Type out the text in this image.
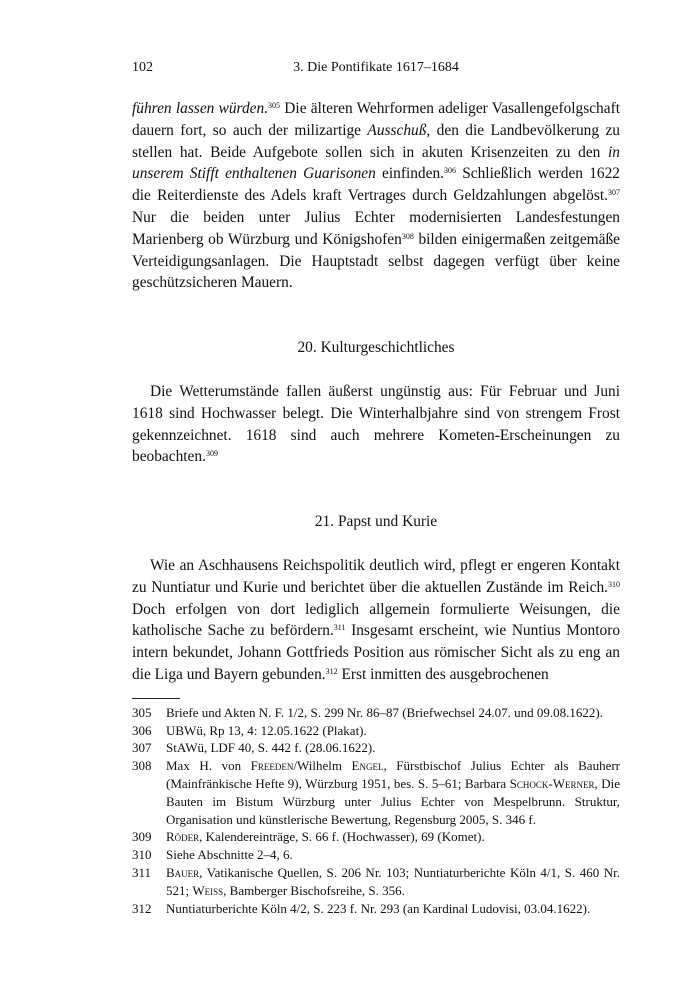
102	3. Die Pontifikate 1617–1684

führen lassen würden.$^{305}$ Die älteren Wehrformen adeliger Vasallengefolgschaft dauern fort, so auch der milizartige Ausschuß, den die Landbevölkerung zu stellen hat. Beide Aufgebote sollen sich in akuten Krisenzeiten zu den in unserem Stifft enthaltenen Guarisonen einfinden.$^{306}$ Schließlich werden 1622 die Reiterdienste des Adels kraft Vertrages durch Geldzahlungen abgelöst.$^{307}$ Nur die beiden unter Julius Echter modernisierten Landesfestungen Marienberg ob Würzburg und Königshofen$^{308}$ bilden einigermaßen zeitgemäße Verteidigungsanlagen. Die Hauptstadt selbst dagegen verfügt über keine geschützsicheren Mauern.

20. Kulturgeschichtliches

Die Wetterumstände fallen äußerst ungünstig aus: Für Februar und Juni 1618 sind Hochwasser belegt. Die Winterhalbjahre sind von strengem Frost gekennzeichnet. 1618 sind auch mehrere Kometen-Erscheinungen zu beobachten.$^{309}$

21. Papst und Kurie

Wie an Aschhausens Reichspolitik deutlich wird, pflegt er engeren Kontakt zu Nuntiatur und Kurie und berichtet über die aktuellen Zustände im Reich.$^{310}$ Doch erfolgen von dort lediglich allgemein formulierte Weisungen, die katholische Sache zu befördern.$^{311}$ Insgesamt erscheint, wie Nuntius Montoro intern bekundet, Johann Gottfrieds Position aus römischer Sicht als zu eng an die Liga und Bayern gebunden.$^{312}$ Erst inmitten des ausgebrochenen

305 Briefe und Akten N. F. 1/2, S. 299 Nr. 86–87 (Briefwechsel 24.07. und 09.08.1622).
306 UBWü, Rp 13, 4: 12.05.1622 (Plakat).
307 StAWü, LDF 40, S. 442 f. (28.06.1622).
308 Max H. von Freeden/Wilhelm Engel, Fürstbischof Julius Echter als Bauherr (Mainfränkische Hefte 9), Würzburg 1951, bes. S. 5–61; Barbara Schock-Werner, Die Bauten im Bistum Würzburg unter Julius Echter von Mespelbrunn. Struktur, Organisation und künstlerische Bewertung, Regensburg 2005, S. 346 f.
309 Röder, Kalendereinträge, S. 66 f. (Hochwasser), 69 (Komet).
310 Siehe Abschnitte 2–4, 6.
311 Bauer, Vatikanische Quellen, S. 206 Nr. 103; Nuntiaturberichte Köln 4/1, S. 460 Nr. 521; Weiss, Bamberger Bischofsreihe, S. 356.
312 Nuntiaturberichte Köln 4/2, S. 223 f. Nr. 293 (an Kardinal Ludovisi, 03.04.1622).
